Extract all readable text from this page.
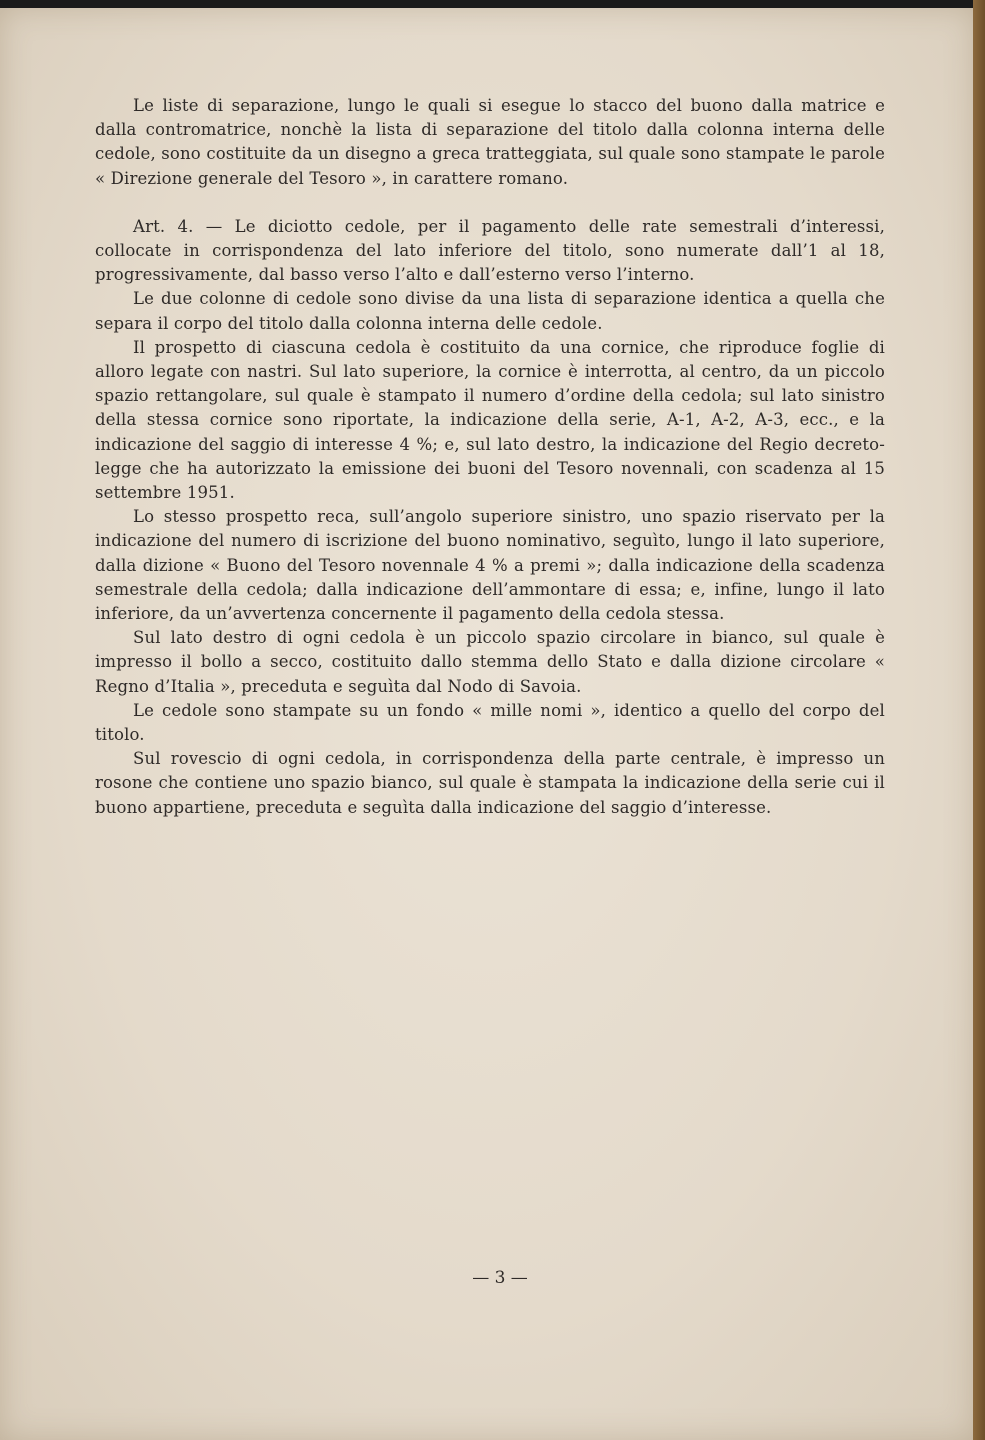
Le liste di separazione, lungo le quali si esegue lo stacco del buono dalla matrice e dalla contromatrice, nonchè la lista di separazione del titolo dalla colonna interna delle cedole, sono costituite da un disegno a greca tratteggiata, sul quale sono stampate le parole « Direzione generale del Tesoro », in carattere romano.

Art. 4. — Le diciotto cedole, per il pagamento delle rate semestrali d’interessi, collocate in corrispondenza del lato inferiore del titolo, sono numerate dall’1 al 18, progressivamente, dal basso verso l’alto e dall’esterno verso l’interno.

Le due colonne di cedole sono divise da una lista di separazione identica a quella che separa il corpo del titolo dalla colonna interna delle cedole.

Il prospetto di ciascuna cedola è costituito da una cornice, che riproduce foglie di alloro legate con nastri. Sul lato superiore, la cornice è interrotta, al centro, da un piccolo spazio rettangolare, sul quale è stampato il numero d’ordine della cedola; sul lato sinistro della stessa cornice sono riportate, la indicazione della serie, A-1, A-2, A-3, ecc., e la indicazione del saggio di interesse 4 %; e, sul lato destro, la indicazione del Regio decreto-legge che ha autorizzato la emissione dei buoni del Tesoro novennali, con scadenza al 15 settembre 1951.

Lo stesso prospetto reca, sull’angolo superiore sinistro, uno spazio riservato per la indicazione del numero di iscrizione del buono nominativo, seguìto, lungo il lato superiore, dalla dizione « Buono del Tesoro novennale 4 % a premi »; dalla indicazione della scadenza semestrale della cedola; dalla indicazione dell’ammontare di essa; e, infine, lungo il lato inferiore, da un’avvertenza concernente il pagamento della cedola stessa.

Sul lato destro di ogni cedola è un piccolo spazio circolare in bianco, sul quale è impresso il bollo a secco, costituito dallo stemma dello Stato e dalla dizione circolare « Regno d’Italia », preceduta e seguìta dal Nodo di Savoia.

Le cedole sono stampate su un fondo « mille nomi », identico a quello del corpo del titolo.

Sul rovescio di ogni cedola, in corrispondenza della parte centrale, è impresso un rosone che contiene uno spazio bianco, sul quale è stampata la indicazione della serie cui il buono appartiene, preceduta e seguìta dalla indicazione del saggio d’interesse.

— 3 —
